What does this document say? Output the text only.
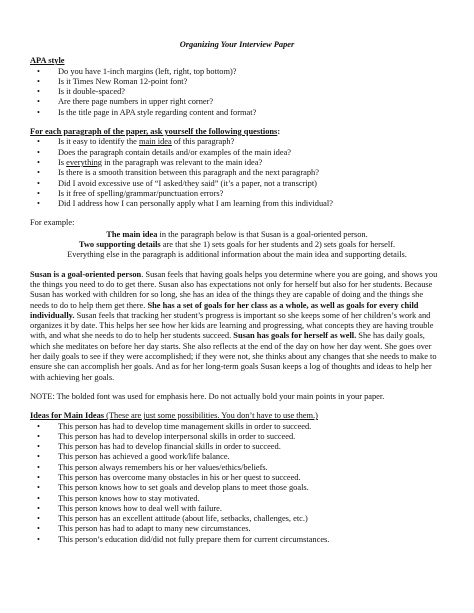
Organizing Your Interview Paper
APA style
• Do you have 1-inch margins (left, right, top bottom)?
• Is it Times New Roman 12-point font?
• Is it double-spaced?
• Are there page numbers in upper right corner?
• Is the title page in APA style regarding content and format?
For each paragraph of the paper, ask yourself the following questions:
• Is it easy to identify the main idea of this paragraph?
• Does the paragraph contain details and/or examples of the main idea?
• Is everything in the paragraph was relevant to the main idea?
• Is there is a smooth transition between this paragraph and the next paragraph?
• Did I avoid excessive use of “I asked/they said” (it’s a paper, not a transcript)
• Is it free of spelling/grammar/punctuation errors?
• Did I address how I can personally apply what I am learning from this individual?

For example:

The main idea in the paragraph below is that Susan is a goal-oriented person.

Two supporting details are that she 1) sets goals for her students and 2) sets goals for herself.

Everything else in the paragraph is additional information about the main idea and supporting details.

Susan is a goal-oriented person. Susan feels that having goals helps you determine where you are going, and shows you the things you need to do to get there. Susan also has expectations not only for herself but also for her students. Because Susan has worked with children for so long, she has an idea of the things they are capable of doing and the things she needs to do to help them get there. She has a set of goals for her class as a whole, as well as goals for every child individually. Susan feels that tracking her student’s progress is important so she keeps some of her children’s work and organizes it by date. This helps her see how her kids are learning and progressing, what concepts they are having trouble with, and what she needs to do to help her students succeed. Susan has goals for herself as well. She has daily goals, which she meditates on before her day starts. She also reflects at the end of the day on how her day went. She goes over her daily goals to see if they were accomplished; if they were not, she thinks about any changes that she needs to make to ensure she can accomplish her goals. And as for her long-term goals Susan keeps a log of thoughts and ideas to help her with achieving her goals.

NOTE: The bolded font was used for emphasis here. Do not actually bold your main points in your paper.

Ideas for Main Ideas (These are just some possibilities. You don’t have to use them.)
• This person has had to develop time management skills in order to succeed.
• This person has had to develop interpersonal skills in order to succeed.
• This person has had to develop financial skills in order to succeed.
• This person has achieved a good work/life balance.
• This person always remembers his or her values/ethics/beliefs.
• This person has overcome many obstacles in his or her quest to succeed.
• This person knows how to set goals and develop plans to meet those goals.
• This person knows how to stay motivated.
• This person knows how to deal well with failure.
• This person has an excellent attitude (about life, setbacks, challenges, etc.)
• This person has had to adapt to many new circumstances.
• This person’s education did/did not fully prepare them for current circumstances.
